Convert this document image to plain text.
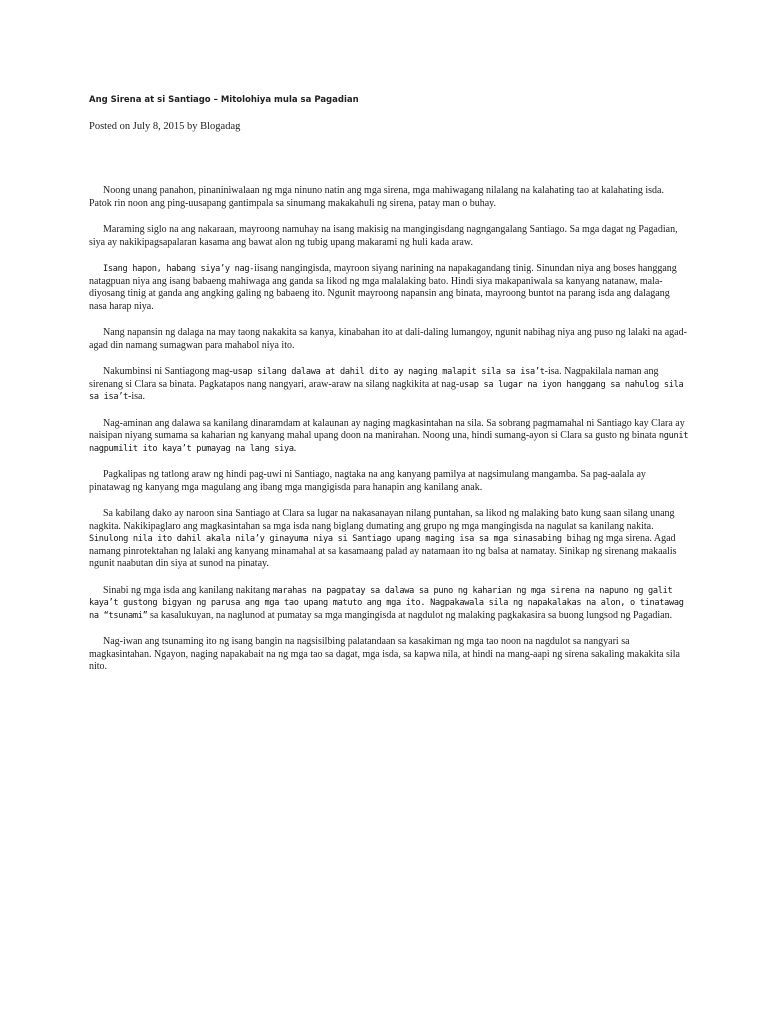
Ang Sirena at si Santiago – Mitolohiya mula sa Pagadian

Posted on July 8, 2015 by Blogadag

Noong unang panahon, pinaniniwalaan ng mga ninuno natin ang mga sirena, mga mahiwagang nilalang na kalahating tao at kalahating isda. Patok rin noon ang ping-uusapang gantimpala sa sinumang makakahuli ng sirena, patay man o buhay.

Maraming siglo na ang nakaraan, mayroong namuhay na isang makisig na mangingisdang nagngangalang Santiago. Sa mga dagat ng Pagadian, siya ay nakikipagsapalaran kasama ang bawat alon ng tubig upang makarami ng huli kada araw.

Isang hapon, habang siya’y nag-iisang nangingisda, mayroon siyang narining na napakagandang tinig. Sinundan niya ang boses hanggang natagpuan niya ang isang babaeng mahiwaga ang ganda sa likod ng mga malalaking bato. Hindi siya makapaniwala sa kanyang natanaw, mala-diyosang tinig at ganda ang angking galing ng babaeng ito. Ngunit mayroong napansin ang binata, mayroong buntot na parang isda ang dalagang nasa harap niya.

Nang napansin ng dalaga na may taong nakakita sa kanya, kinabahan ito at dali-daling lumangoy, ngunit nabihag niya ang puso ng lalaki na agad-agad din namang sumagwan para mahabol niya ito.

Nakumbinsi ni Santiagong mag-usap silang dalawa at dahil dito ay naging malapit sila sa isa’t-isa. Nagpakilala naman ang sirenang si Clara sa binata. Pagkatapos nang nangyari, araw-araw na silang nagkikita at nag-usap sa lugar na iyon hanggang sa nahulog sila sa isa’t-isa.

Nag-aminan ang dalawa sa kanilang dinaramdam at kalaunan ay naging magkasintahan na sila. Sa sobrang pagmamahal ni Santiago kay Clara ay naisipan niyang sumama sa kaharian ng kanyang mahal upang doon na manirahan. Noong una, hindi sumang-ayon si Clara sa gusto ng binata ngunit nagpumilit ito kaya’t pumayag na lang siya.

Pagkalipas ng tatlong araw ng hindi pag-uwi ni Santiago, nagtaka na ang kanyang pamilya at nagsimulang mangamba. Sa pag-aalala ay pinatawag ng kanyang mga magulang ang ibang mga mangigisda para hanapin ang kanilang anak.

Sa kabilang dako ay naroon sina Santiago at Clara sa lugar na nakasanayan nilang puntahan, sa likod ng malaking bato kung saan silang unang nagkita. Nakikipaglaro ang magkasintahan sa mga isda nang biglang dumating ang grupo ng mga mangingisda na nagulat sa kanilang nakita. Sinulong nila ito dahil akala nila’y ginayuma niya si Santiago upang maging isa sa mga sinasabing bihag ng mga sirena. Agad namang pinrotektahan ng lalaki ang kanyang minamahal at sa kasamaang palad ay natamaan ito ng balsa at namatay. Sinikap ng sirenang makaalis ngunit naabutan din siya at sunod na pinatay.

Sinabi ng mga isda ang kanilang nakitang marahas na pagpatay sa dalawa sa puno ng kaharian ng mga sirena na napuno ng galit kaya’t gustong bigyan ng parusa ang mga tao upang matuto ang mga ito. Nagpakawala sila ng napakalakas na alon, o tinatawag na “tsunami” sa kasalukuyan, na naglunod at pumatay sa mga mangingisda at nagdulot ng malaking pagkakasira sa buong lungsod ng Pagadian.

Nag-iwan ang tsunaming ito ng isang bangin na nagsisilbing palatandaan sa kasakiman ng mga tao noon na nagdulot sa nangyari sa magkasintahan. Ngayon, naging napakabait na ng mga tao sa dagat, mga isda, sa kapwa nila, at hindi na mang-aapi ng sirena sakaling makakita sila nito.
